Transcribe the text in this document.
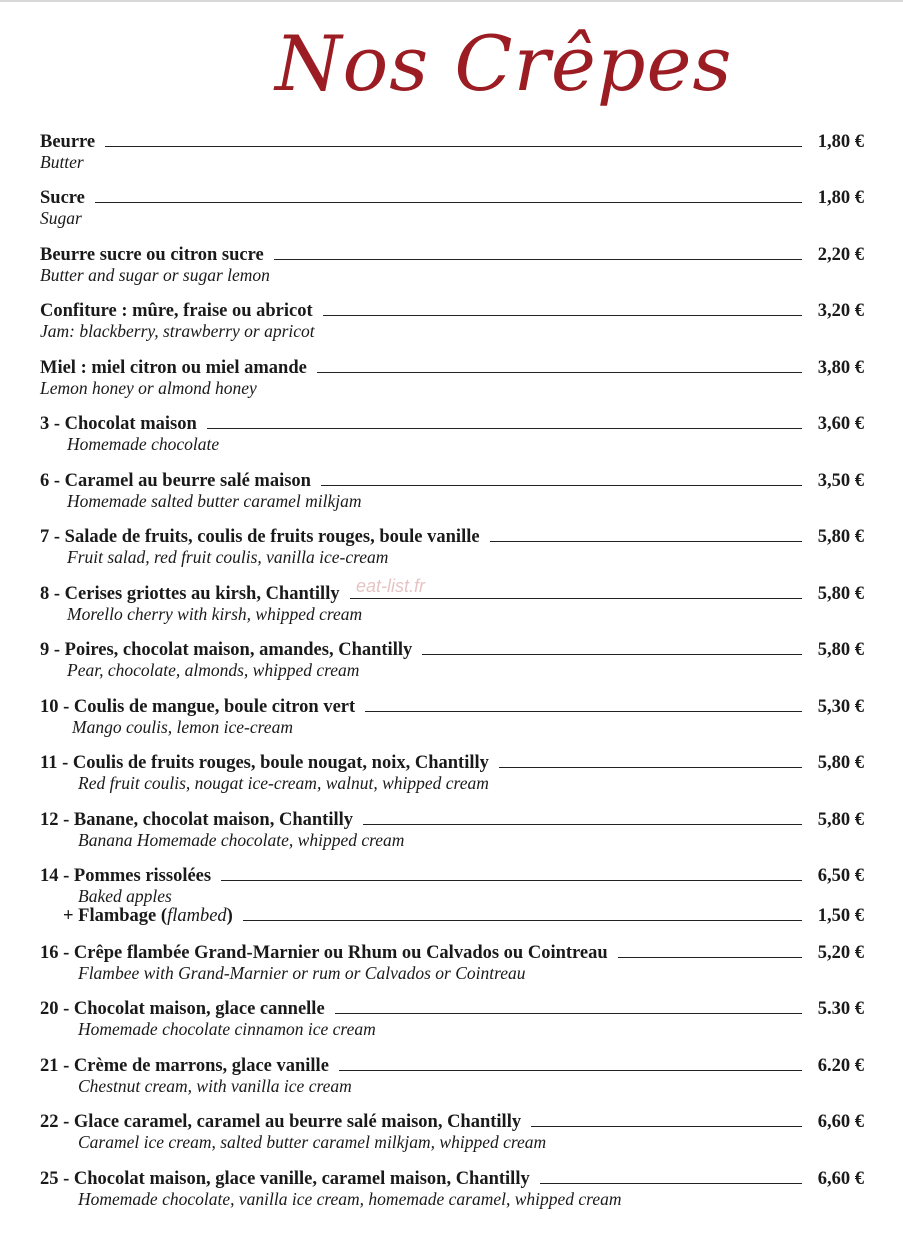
Nos Crêpes
Beurre	1,80 €
Butter
Sucre	1,80 €
Sugar
Beurre sucre ou citron sucre	2,20 €
Butter and sugar or sugar lemon
Confiture : mûre, fraise ou abricot	3,20 €
Jam: blackberry, strawberry or apricot
Miel : miel citron ou miel amande	3,80 €
Lemon honey or almond honey
3 - Chocolat maison	3,60 €
Homemade chocolate
6 - Caramel au beurre salé maison	3,50 €
Homemade salted butter caramel milkjam
7 - Salade de fruits, coulis de fruits rouges, boule vanille	5,80 €
Fruit salad, red fruit coulis, vanilla ice-cream
8 - Cerises griottes au kirsh, Chantilly	5,80 €
Morello cherry with kirsh, whipped cream
9 - Poires, chocolat maison, amandes, Chantilly	5,80 €
Pear, chocolate, almonds, whipped cream
10 - Coulis de mangue, boule citron vert	5,30 €
Mango coulis, lemon ice-cream
11 - Coulis de fruits rouges, boule nougat, noix, Chantilly	5,80 €
Red fruit coulis, nougat ice-cream, walnut, whipped cream
12 - Banane, chocolat maison, Chantilly	5,80 €
Banana Homemade chocolate, whipped cream
14 - Pommes rissolées	6,50 €
Baked apples
+ Flambage (flambed)	1,50 €
16 - Crêpe flambée Grand-Marnier ou Rhum ou Calvados ou Cointreau	5,20 €
Flambee with Grand-Marnier or rum or Calvados or Cointreau
20 - Chocolat maison, glace cannelle	5.30 €
Homemade chocolate cinnamon ice cream
21 - Crème de marrons, glace vanille	6.20 €
Chestnut cream, with vanilla ice cream
22 - Glace caramel, caramel au beurre salé maison, Chantilly	6,60 €
Caramel ice cream, salted butter caramel milkjam, whipped cream
25 - Chocolat maison, glace vanille, caramel maison, Chantilly	6,60 €
Homemade chocolate, vanilla ice cream, homemade caramel, whipped cream
eat-list.fr
